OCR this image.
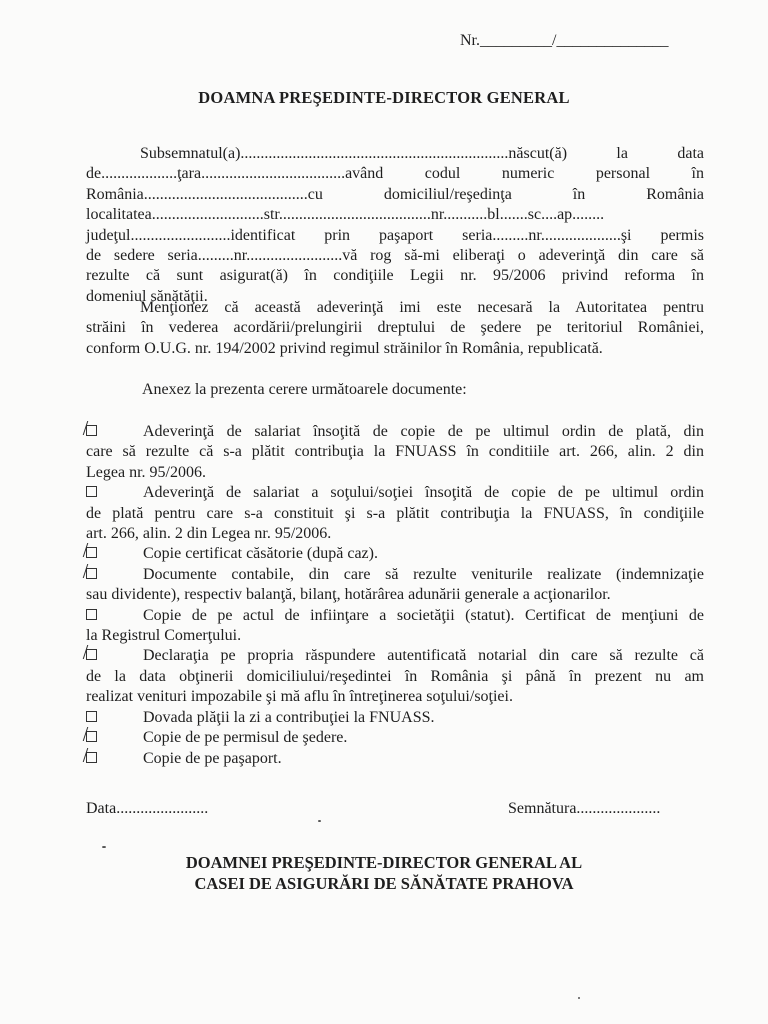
Nr._________/______________
DOAMNA PREŞEDINTE-DIRECTOR GENERAL
Subsemnatul(a)...................................................................născut(ă) la data
de...................ţara....................................având codul numeric personal în
România.........................................cu domiciliul/reşedinţa în România
localitatea............................str......................................nr...........bl.......sc....ap........
judeţul.........................identificat prin paşaport seria.........nr....................şi permis
de sedere seria.........nr........................vă rog să-mi eliberaţi o adeverinţă din care să
rezulte că sunt asigurat(ă) în condiţiile Legii nr. 95/2006 privind reforma în
domeniul sănătăţii.
Menţionez că această adeverinţă imi este necesară la Autoritatea pentru
străini în vederea acordării/prelungirii dreptului de şedere pe teritoriul României,
conform O.U.G. nr. 194/2002 privind regimul străinilor în România, republicată.
Anexez la prezenta cerere următoarele documente:
Adeverinţă de salariat însoţită de copie de pe ultimul ordin de plată, din
care să rezulte că s-a plătit contribuţia la FNUASS în conditiile art. 266, alin. 2 din
Legea nr. 95/2006.
Adeverinţă de salariat a soţului/soţiei însoţită de copie de pe ultimul ordin
de plată pentru care s-a constituit şi s-a plătit contribuţia la FNUASS, în condiţiile
art. 266, alin. 2 din Legea nr. 95/2006.
Copie certificat căsătorie (după caz).
Documente contabile, din care să rezulte veniturile realizate (indemnizaţie
sau dividente), respectiv balanţă, bilanţ, hotărârea adunării generale a acţionarilor.
Copie de pe actul de infiinţare a societăţii (statut). Certificat de menţiuni de
la Registrul Comerţului.
Declaraţia pe propria răspundere autentificată notarial din care să rezulte că
de la data obţinerii domiciliului/reşedintei în România şi până în prezent nu am
realizat venituri impozabile şi mă aflu în întreţinerea soţului/soţiei.
Dovada plăţii la zi a contribuţiei la FNUASS.
Copie de pe permisul de şedere.
Copie de pe paşaport.
Data.......................	Semnătura.....................
DOAMNEI PREŞEDINTE-DIRECTOR GENERAL AL
CASEI DE ASIGURĂRI DE SĂNĂTATE PRAHOVA
